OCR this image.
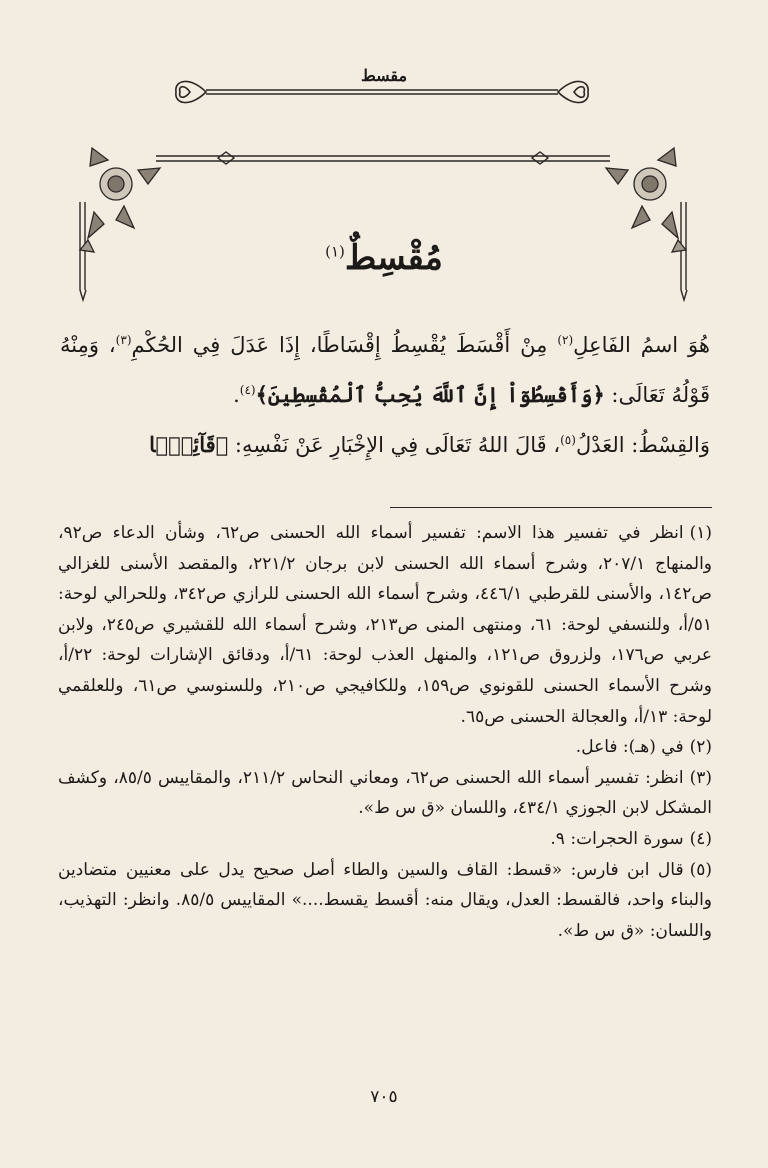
مقسط
مُقْسِطٌ$^{(١)}$

هُوَ اسمُ الفَاعِلِ$^{(٢)}$ مِنْ أَقْسَطَ يُقْسِطُ إِقْسَاطًا، إِذَا عَدَلَ فِي الحُكْمِ$^{(٣)}$، وَمِنْهُ قَوْلُهُ تَعَالَى: ﴿وَأَقْسِطُوٓاْ إِنَّ ٱللَّهَ يُحِبُّ ٱلْمُقْسِطِينَ﴾$^{(٤)}$.

وَالقِسْطُ: العَدْلُ$^{(٥)}$، قَالَ اللهُ تَعَالَى فِي الإِخْبَارِ عَنْ نَفْسِهِ: ﴿قَآئِمَۢا

(١)انظر في تفسير هذا الاسم: تفسير أسماء الله الحسنى ص٦٢، وشأن الدعاء ص٩٢، والمنهاج ٢٠٧/١، وشرح أسماء الله الحسنى لابن برجان ٢٢١/٢، والمقصد الأسنى للغزالي ص١٤٢، والأسنى للقرطبي ٤٤٦/١، وشرح أسماء الله الحسنى للرازي ص٣٤٢، وللحرالي لوحة: ٥١/أ، وللنسفي لوحة: ٦١، ومنتهى المنى ص٢١٣، وشرح أسماء الله للقشيري ص٢٤٥، ولابن عربي ص١٧٦، ولزروق ص١٢١، والمنهل العذب لوحة: ٦١/أ، ودقائق الإشارات لوحة: ٢٢/أ، وشرح الأسماء الحسنى للقونوي ص١٥٩، وللكافيجي ص٢١٠، وللسنوسي ص٦١، وللعلقمي لوحة: ١٣/أ، والعجالة الحسنى ص٦٥.

(٢)في (هـ): فاعل.

(٣)انظر: تفسير أسماء الله الحسنى ص٦٢، ومعاني النحاس ٢١١/٢، والمقاييس ٨٥/٥، وكشف المشكل لابن الجوزي ٤٣٤/١، واللسان «ق س ط».

(٤)سورة الحجرات: ٩.

(٥)قال ابن فارس: «قسط: القاف والسين والطاء أصل صحيح يدل على معنيين متضادين والبناء واحد، فالقسط: العدل، ويقال منه: أقسط يقسط....» المقاييس ٨٥/٥. وانظر: التهذيب، واللسان: «ق س ط».

٧٠٥
